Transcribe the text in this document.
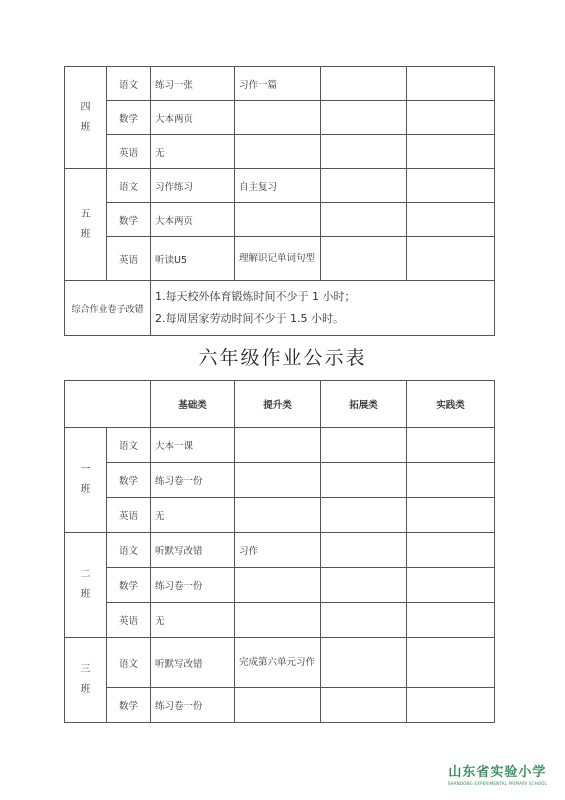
四班	语文	练习一张	习作一篇		
	数学	大本两页			
	英语	无			
五班	语文	习作练习	自主复习		
	数学	大本两页			
	英语	听读U5	理解识记单词句型		
综合作业卷子改错		1.每天校外体育锻炼时间不少于 1 小时；
2.每周居家劳动时间不少于 1.5 小时。			
六年级作业公示表
		基础类	提升类	拓展类	实践类
一班	语文	大本一课			
	数学	练习卷一份			
	英语	无			
二班	语文	听默写改错	习作		
	数学	练习卷一份			
	英语	无			
三班	语文	听默写改错	完成第六单元习作		
	数学	练习卷一份			
山东省实验小学
SHANDONG EXPERIMENTAL PRIMARY SCHOOL
